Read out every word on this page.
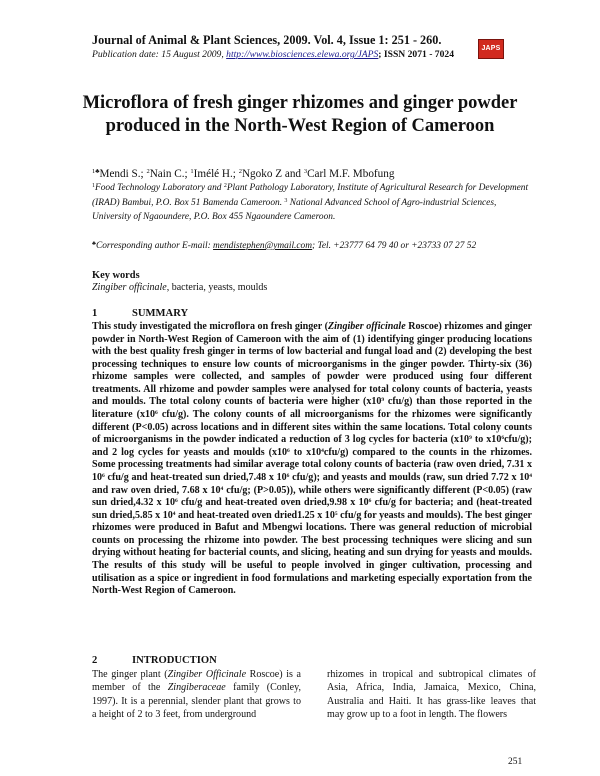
Journal of Animal & Plant Sciences, 2009. Vol. 4, Issue 1: 251 - 260.
Publication date: 15 August 2009, http://www.biosciences.elewa.org/JAPS; ISSN 2071 - 7024
JAPS
Microflora of fresh ginger rhizomes and ginger powder produced in the North-West Region of Cameroon
$^{1♣}$Mendi S.; $^2$Nain C.; $^1$Imélé H.; $^2$Ngoko Z and $^3$Carl M.F. Mbofung
$^1$Food Technology Laboratory and $^2$Plant Pathology Laboratory, Institute of Agricultural Research for Development (IRAD) Bambui, P.O. Box 51 Bamenda Cameroon. $^3$ National Advanced School of Agro-industrial Sciences, University of Ngaoundere, P.O. Box 455 Ngaoundere Cameroon.
♣Corresponding author E-mail: mendistephen@ymail.com; Tel. +23777 64 79 40 or +23733 07 27 52
Key words
Zingiber officinale, bacteria, yeasts, moulds
1	SUMMARY
This study investigated the microflora on fresh ginger (Zingiber officinale Roscoe) rhizomes and ginger powder in North-West Region of Cameroon with the aim of (1) identifying ginger producing locations with the best quality fresh ginger in terms of low bacterial and fungal load and (2) developing the best processing techniques to ensure low counts of microorganisms in the ginger powder. Thirty-six (36) rhizome samples were collected, and samples of powder were produced using four different treatments. All rhizome and powder samples were analysed for total colony counts of bacteria, yeasts and moulds. The total colony counts of bacteria were higher ($x10^9$ cfu/g) than those reported in the literature ($x10^6$ cfu/g). The colony counts of all microorganisms for the rhizomes were significantly different (P<0.05) across locations and in different sites within the same locations. Total colony counts of microorganisms in the powder indicated a reduction of 3 log cycles for bacteria ($x10^9$ to $x10^6cfu/g$); and 2 log cycles for yeasts and moulds ($x10^6$ to $x10^4cfu/g$) compared to the counts in the rhizomes. Some processing treatments had similar average total colony counts of bacteria (raw oven dried, 7.31 x $10^6$ cfu/g and heat-treated sun dried,7.48 x $10^6$ cfu/g); and yeasts and moulds (raw, sun dried 7.72 x $10^4$ and raw oven dried, 7.68 x $10^4$ cfu/g; (P>0.05)), while others were significantly different (P<0.05) (raw sun dried,4.32 x $10^6$ cfu/g and heat-treated oven dried,9.98 x $10^6$ cfu/g for bacteria; and (heat-treated sun dried,5.85 x $10^4$ and heat-treated oven dried1.25 x $10^5$ cfu/g for yeasts and moulds). The best ginger rhizomes were produced in Bafut and Mbengwi locations. There was general reduction of microbial counts on processing the rhizome into powder. The best processing techniques were slicing and sun drying without heating for bacterial counts, and slicing, heating and sun drying for yeasts and moulds. The results of this study will be useful to people involved in ginger cultivation, processing and utilisation as a spice or ingredient in food formulations and marketing especially exportation from the North-West Region of Cameroon.
2	INTRODUCTION
The ginger plant (Zingiber Officinale Roscoe) is a member of the Zingiberaceae family (Conley, 1997). It is a perennial, slender plant that grows to a height of 2 to 3 feet, from underground
rhizomes in tropical and subtropical climates of Asia, Africa, India, Jamaica, Mexico, China, Australia and Haiti. It has grass-like leaves that may grow up to a foot in length. The flowers
251
